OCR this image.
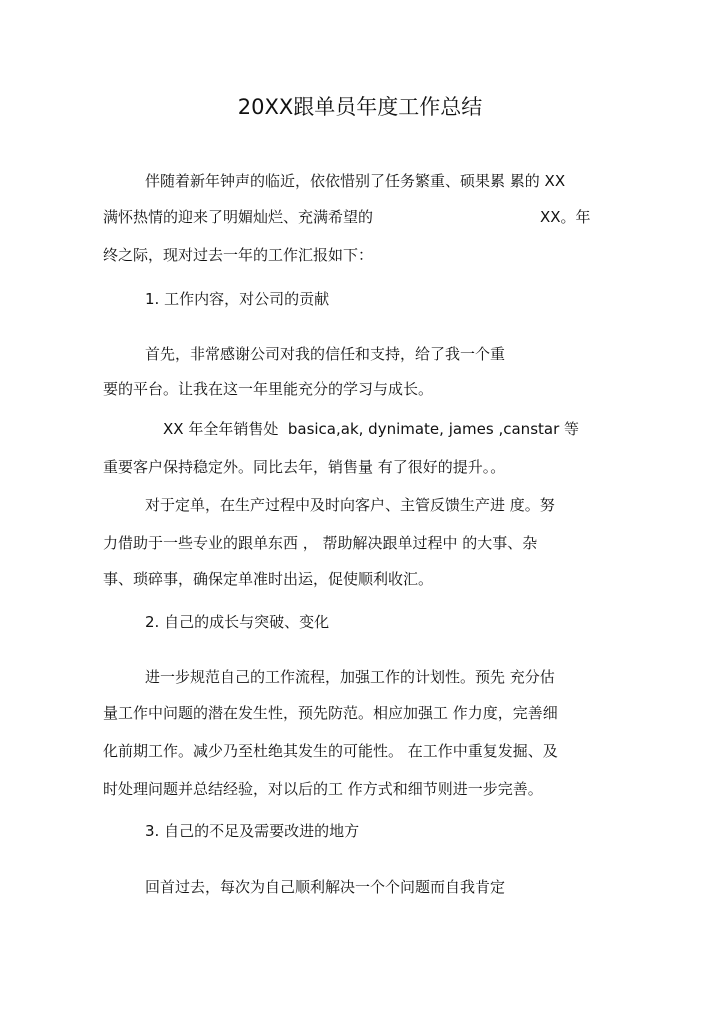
20XX跟单员年度工作总结
伴随着新年钟声的临近，依依惜别了任务繁重、硕果累 累的 XX
满怀热情的迎来了明媚灿烂、充满希望的	XX。年
终之际，现对过去一年的工作汇报如下：
1. 工作内容，对公司的贡献
首先，非常感谢公司对我的信任和支持，给了我一个重
要的平台。让我在这一年里能充分的学习与成长。
XX 年全年销售处  basica,ak, dynimate, james ,canstar 等
重要客户保持稳定外。同比去年，销售量 有了很好的提升。。
对于定单，在生产过程中及时向客户、主管反馈生产进 度。努
力借助于一些专业的跟单东西 ， 帮助解决跟单过程中 的大事、杂
事、琐碎事，确保定单准时出运，促使顺利收汇。
2. 自己的成长与突破、变化
进一步规范自己的工作流程，加强工作的计划性。预先 充分估
量工作中问题的潜在发生性，预先防范。相应加强工 作力度，完善细
化前期工作。减少乃至杜绝其发生的可能性。 在工作中重复发掘、及
时处理问题并总结经验，对以后的工 作方式和细节则进一步完善。
3. 自己的不足及需要改进的地方
回首过去，每次为自己顺利解决一个个问题而自我肯定
